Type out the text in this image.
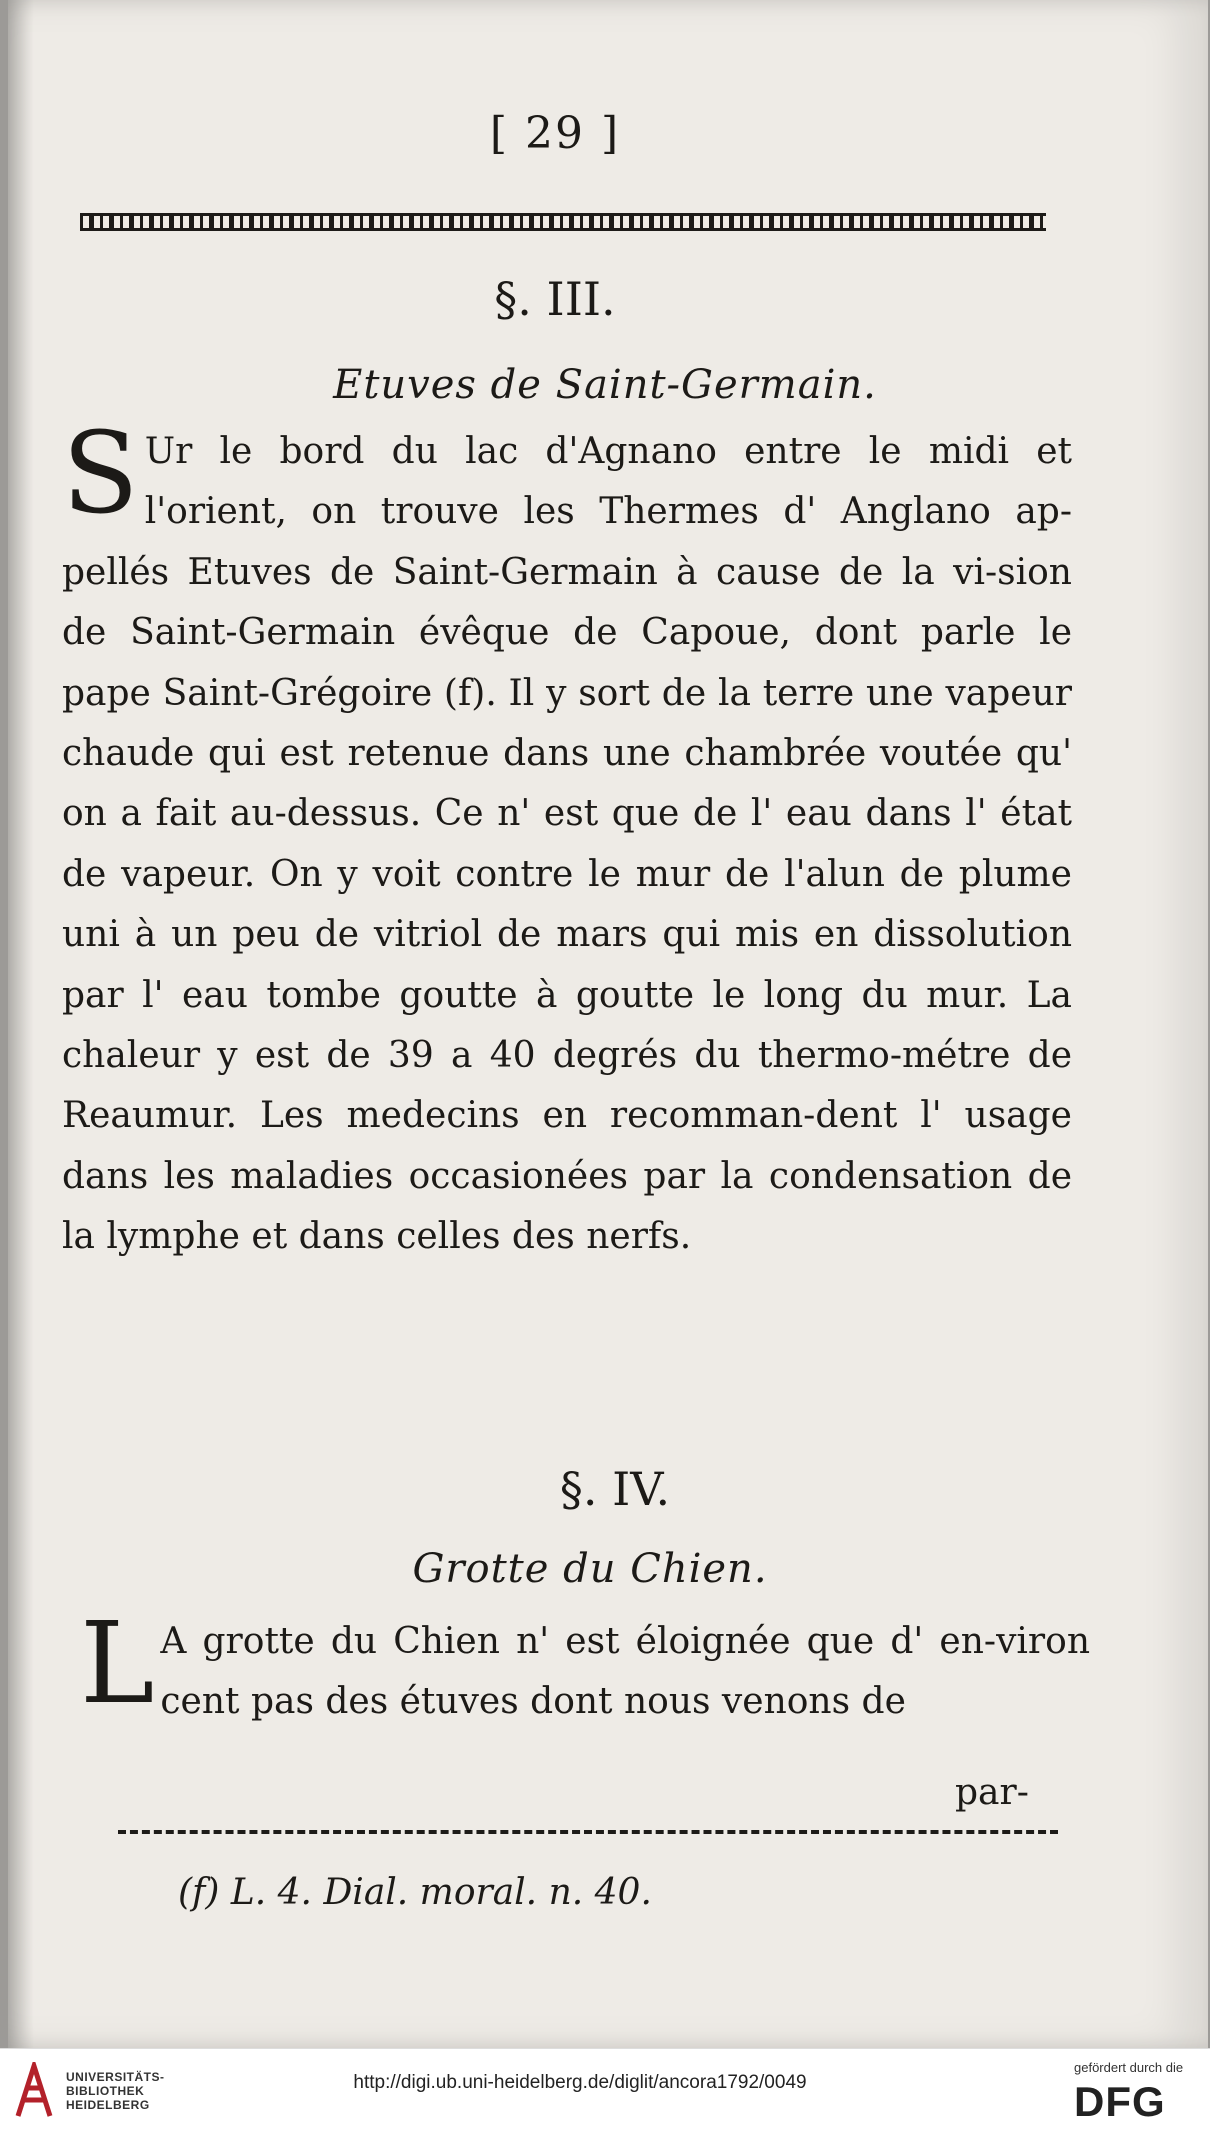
[ 29 ]
§. III.
Etuves de Saint-Germain.

S Ur le bord du lac d'Agnano entre le midi et l'orient, on trouve les Thermes d' Anglano ap-pellés Etuves de Saint-Germain à cause de la vi-sion de Saint-Germain évêque de Capoue, dont parle le pape Saint-Grégoire (f). Il y sort de la terre une vapeur chaude qui est retenue dans une chambrée voutée qu' on a fait au-dessus. Ce n' est que de l' eau dans l' état de vapeur. On y voit contre le mur de l'alun de plume uni à un peu de vitriol de mars qui mis en dissolution par l' eau tombe goutte à goutte le long du mur. La chaleur y est de 39 a 40 degrés du thermo-métre de Reaumur. Les medecins en recomman-dent l' usage dans les maladies occasionées par la condensation de la lymphe et dans celles des nerfs.

§. IV.
Grotte du Chien.

L A grotte du Chien n' est éloignée que d' en-viron cent pas des étuves dont nous venons de

par-
(f) L. 4. Dial. moral. n. 40.
UNIVERSITÄTS-
BIBLIOTHEK
HEIDELBERG
http://digi.ub.uni-heidelberg.de/diglit/ancora1792/0049
gefördert durch die
DFG
